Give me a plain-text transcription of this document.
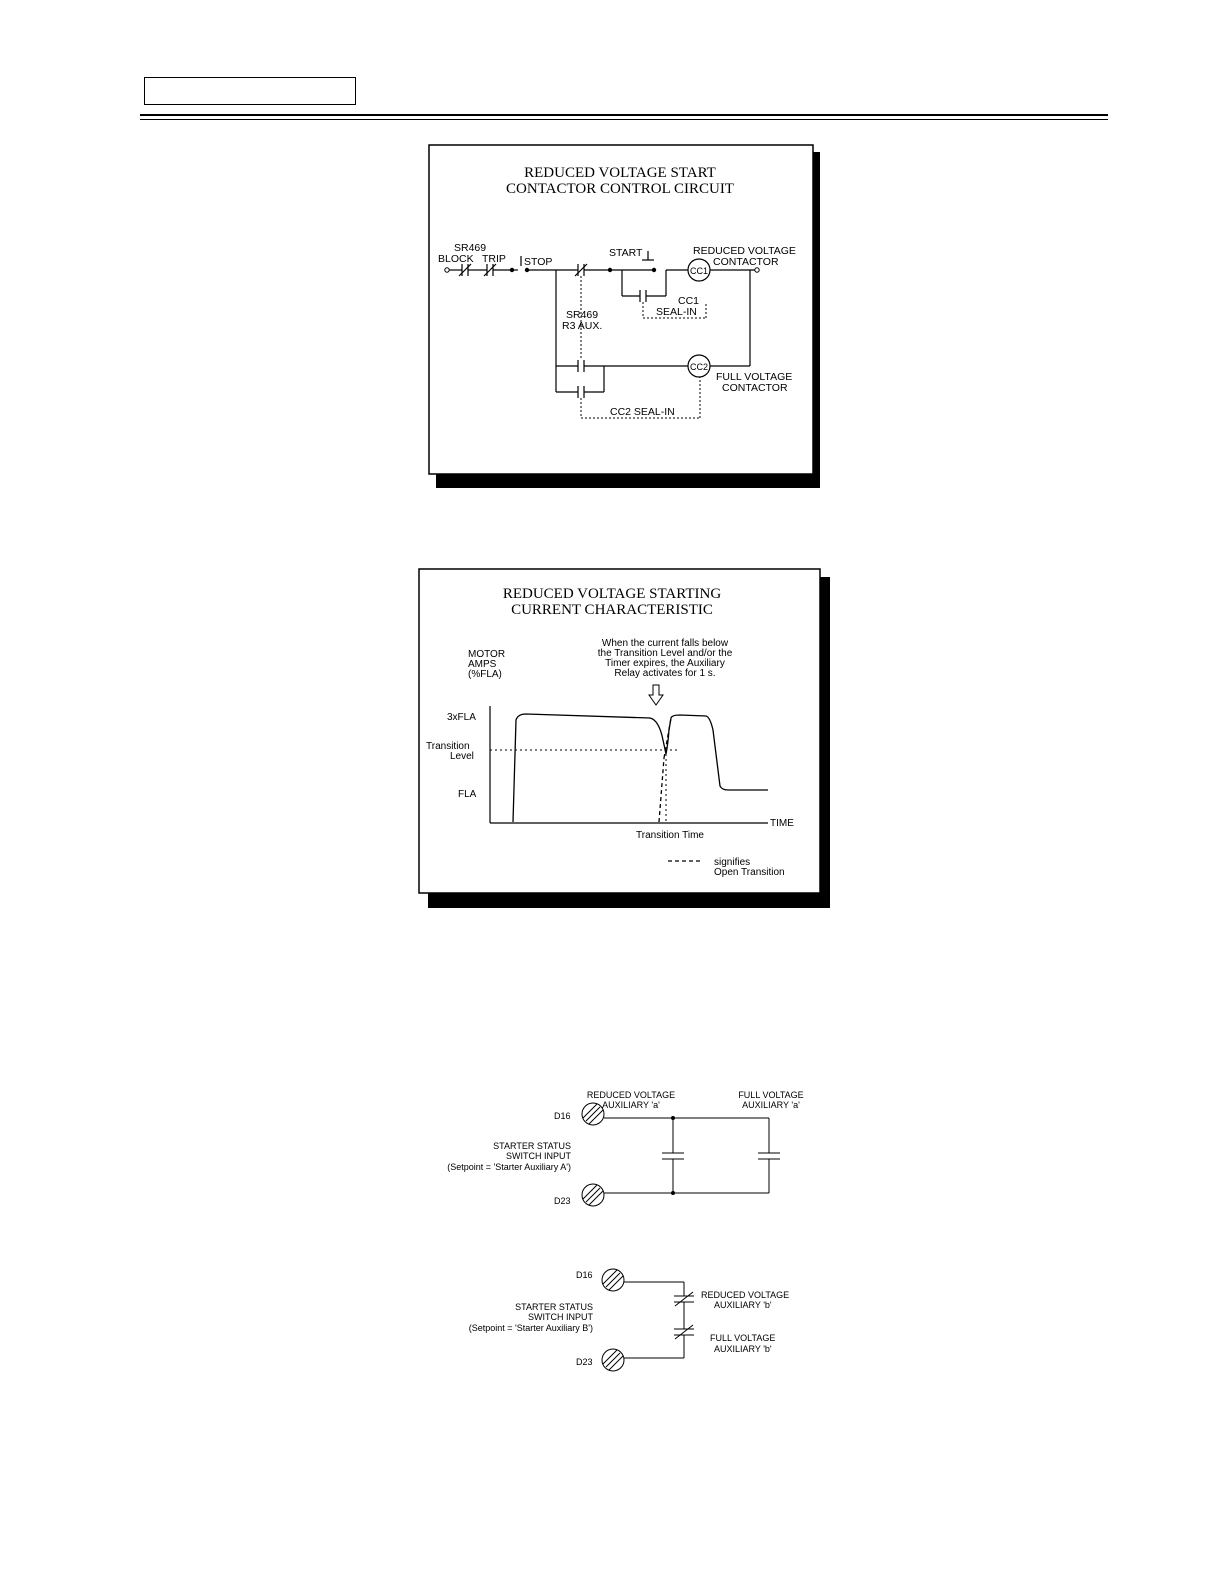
REDUCED VOLTAGE START
CONTACTOR CONTROL CIRCUIT
SR469
BLOCK TRIP STOP
START
CC1
REDUCED VOLTAGE
CONTACTOR
CC1
SEAL-IN
SR469
R3 AUX.
CC2
FULL VOLTAGE
CONTACTOR
CC2 SEAL-IN
REDUCED VOLTAGE STARTING
CURRENT CHARACTERISTIC
MOTOR
AMPS
(%FLA)
When the current falls below
the Transition Level and/or the
Timer expires, the Auxiliary
Relay activates for 1 s.
3xFLA
Transition
Level
FLA
TIME
Transition Time
signifies
Open Transition
REDUCED VOLTAGE
AUXILIARY 'a'
FULL VOLTAGE
AUXILIARY 'a'
D16
D23
STARTER STATUS
SWITCH INPUT
(Setpoint = 'Starter Auxiliary A')
D16
D23
STARTER STATUS
SWITCH INPUT
(Setpoint = 'Starter Auxiliary B')
REDUCED VOLTAGE
AUXILIARY 'b'
FULL VOLTAGE
AUXILIARY 'b'
